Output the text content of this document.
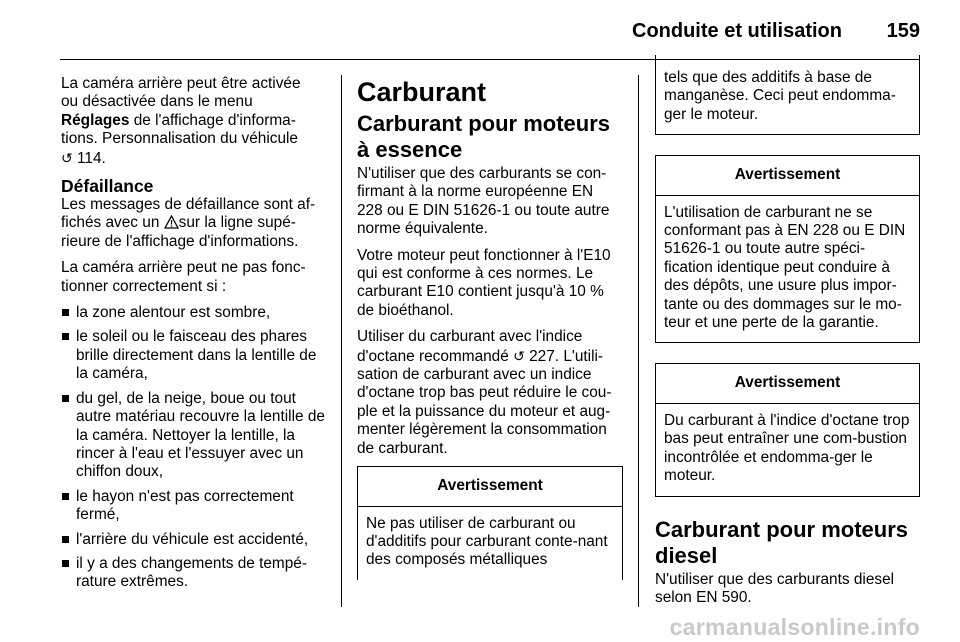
Conduite et utilisation 159

La caméra arrière peut être activée
ou désactivée dans le menu
Réglages de l'affichage d'informa-
tions. Personnalisation du véhicule
↺ 114.

Défaillance

Les messages de défaillance sont af-
fichés avec un sur la ligne supé-
rieure de l'affichage d'informations.

La caméra arrière peut ne pas fonc-tionner correctement si :

la zone alentour est sombre,
le soleil ou le faisceau des phares brille directement dans la lentille de la caméra,
du gel, de la neige, boue ou tout autre matériau recouvre la lentille de la caméra. Nettoyer la lentille, la rincer à l'eau et l'essuyer avec un chiffon doux,
le hayon n'est pas correctement fermé,
l'arrière du véhicule est accidenté,
il y a des changements de tempé-rature extrêmes.
Carburant
Carburant pour moteurs à essence

N'utiliser que des carburants se con-firmant à la norme européenne EN 228 ou E DIN 51626-1 ou toute autre norme équivalente.

Votre moteur peut fonctionner à l'E10 qui est conforme à ces normes. Le carburant E10 contient jusqu'à 10 % de bioéthanol.

Utiliser du carburant avec l'indice d'octane recommandé ↺ 227. L'utili-sation de carburant avec un indice d'octane trop bas peut réduire le cou-ple et la puissance du moteur et aug-menter légèrement la consommation de carburant.

Avertissement
Ne pas utiliser de carburant ou d'additifs pour carburant conte-nant des composés métalliques
tels que des additifs à base de manganèse. Ceci peut endomma-ger le moteur.
Avertissement
L'utilisation de carburant ne se conformant pas à EN 228 ou E DIN 51626-1 ou toute autre spéci-fication identique peut conduire à des dépôts, une usure plus impor-tante ou des dommages sur le mo-teur et une perte de la garantie.
Avertissement
Du carburant à l'indice d'octane trop bas peut entraîner une com-bustion incontrôlée et endomma-ger le moteur.
Carburant pour moteurs diesel

N'utiliser que des carburants diesel selon EN 590.

carmanualsonline.info
